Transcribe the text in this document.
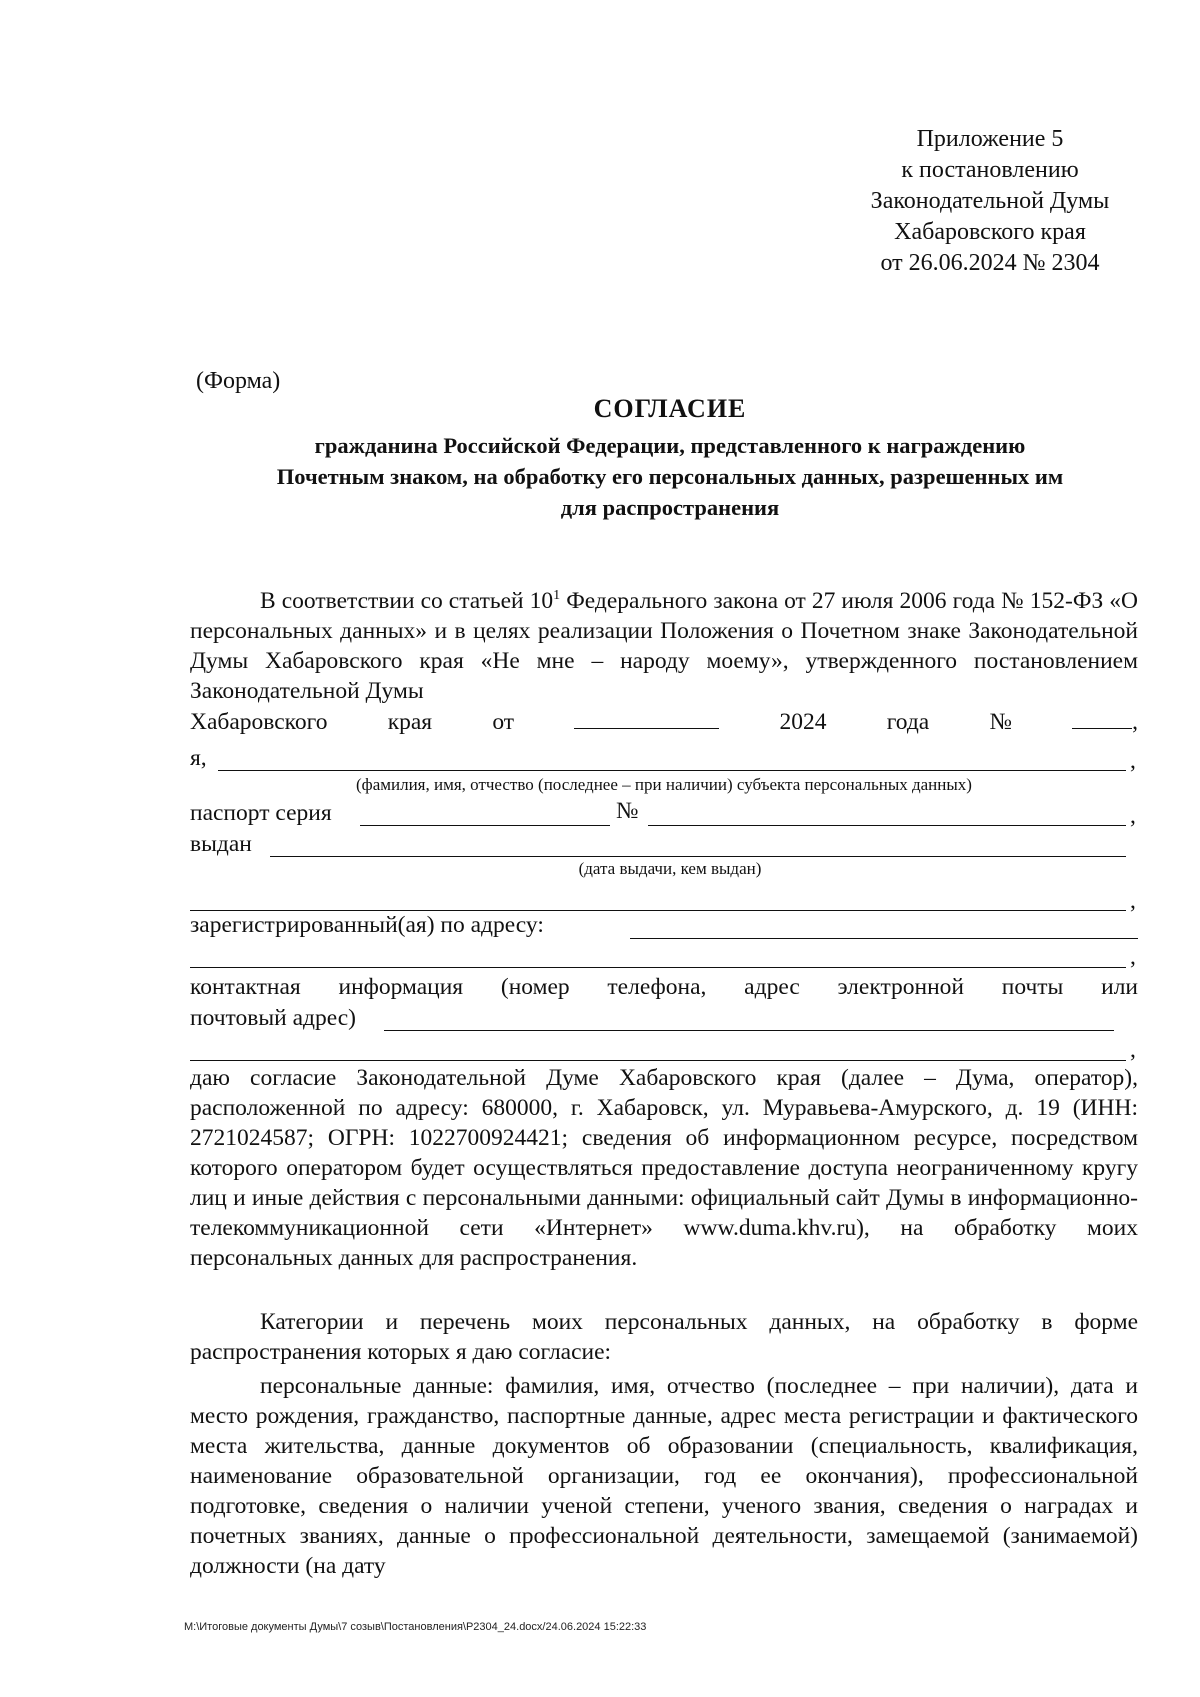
Приложение 5
к постановлению
Законодательной Думы
Хабаровского края
от 26.06.2024 № 2304
(Форма)
СОГЛАСИЕ
гражданина Российской Федерации, представленного к награждению
Почетным знаком, на обработку его персональных данных, разрешенных им
для распространения
В соответствии со статьей $10^1$ Федерального закона от 27 июля 2006 года № 152-ФЗ «О персональных данных» и в целях реализации Положения о Почетном знаке Законодательной Думы Хабаровского края «Не мне – народу моему», утвержденного постановлением Законодательной Думы
Хабаровского	края	от	2024	года	№	,
я,	,
(фамилия, имя, отчество (последнее – при наличии) субъекта персональных данных)
паспорт серия	№	,
выдан
(дата выдачи, кем выдан)
,
зарегистрированный(ая) по адресу:
,
контактная информация (номер телефона, адрес электронной почты или
почтовый адрес)
,
даю согласие Законодательной Думе Хабаровского края (далее – Дума, оператор), расположенной по адресу: 680000, г. Хабаровск, ул. Муравьева-Амурского, д. 19 (ИНН: 2721024587; ОГРН: 1022700924421; сведения об информационном ресурсе, посредством которого оператором будет осуществляться предоставление доступа неограниченному кругу лиц и иные действия с персональными данными: официальный сайт Думы в информационно-телекоммуникационной сети «Интернет» www.duma.khv.ru), на обработку моих персональных данных для распространения.
Категории и перечень моих персональных данных, на обработку в форме распространения которых я даю согласие:
персональные данные: фамилия, имя, отчество (последнее – при наличии), дата и место рождения, гражданство, паспортные данные, адрес места регистрации и фактического места жительства, данные документов об образовании (специальность, квалификация, наименование образовательной организации, год ее окончания), профессиональной подготовке, сведения о наличии ученой степени, ученого звания, сведения о наградах и почетных званиях, данные о профессиональной деятельности, замещаемой (занимаемой) должности (на дату
M:\Итоговые документы Думы\7 созыв\Постановления\P2304_24.docx/24.06.2024 15:22:33
